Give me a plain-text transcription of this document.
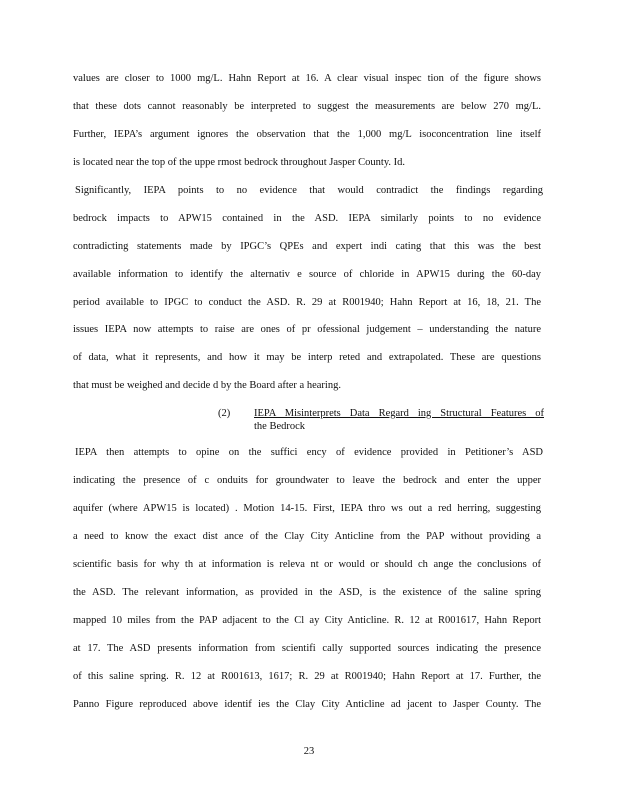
values are closer to 1000 mg/L. Hahn Report at 16. A clear visual inspec tion of the figure shows
that these dots cannot reasonably be interpreted to suggest the measurements are below 270 mg/L.
Further, IEPA’s argument ignores the observation that the 1,000 mg/L isoconcentration line itself
is located near the top of the uppe rmost bedrock throughout Jasper County. Id.
Significantly, IEPA points to no evidence that would contradict the findings regarding
bedrock impacts to APW15 contained in the ASD. IEPA similarly points to no evidence
contradicting statements made by IPGC’s QPEs and expert indi cating that this was the best
available information to identify the alternativ e source of chloride in APW15 during the 60-day
period available to IPGC to conduct the ASD. R. 29 at R001940; Hahn Report at 16, 18, 21. The
issues IEPA now attempts to raise are ones of pr ofessional judgement – understanding the nature
of data, what it represents, and how it may be interp reted and extrapolated. These are questions
that must be weighed and decide d by the Board after a hearing.
(2) IEPA Misinterprets Data Regard ing Structural Features of
the Bedrock
IEPA then attempts to opine on the suffici ency of evidence provided in Petitioner’s ASD
indicating the presence of c onduits for groundwater to leave the bedrock and enter the upper
aquifer (where APW15 is located) . Motion 14-15. First, IEPA thro ws out a red herring, suggesting
a need to know the exact dist ance of the Clay City Anticline from the PAP without providing a
scientific basis for why th at information is releva nt or would or should ch ange the conclusions of
the ASD. The relevant information, as provided in the ASD, is the existence of the saline spring
mapped 10 miles from the PAP adjacent to the Cl ay City Anticline. R. 12 at R001617, Hahn Report
at 17. The ASD presents information from scientifi cally supported sources indicating the presence
of this saline spring. R. 12 at R001613, 1617; R. 29 at R001940; Hahn Report at 17. Further, the
Panno Figure reproduced above identif ies the Clay City Anticline ad jacent to Jasper County. The
23
